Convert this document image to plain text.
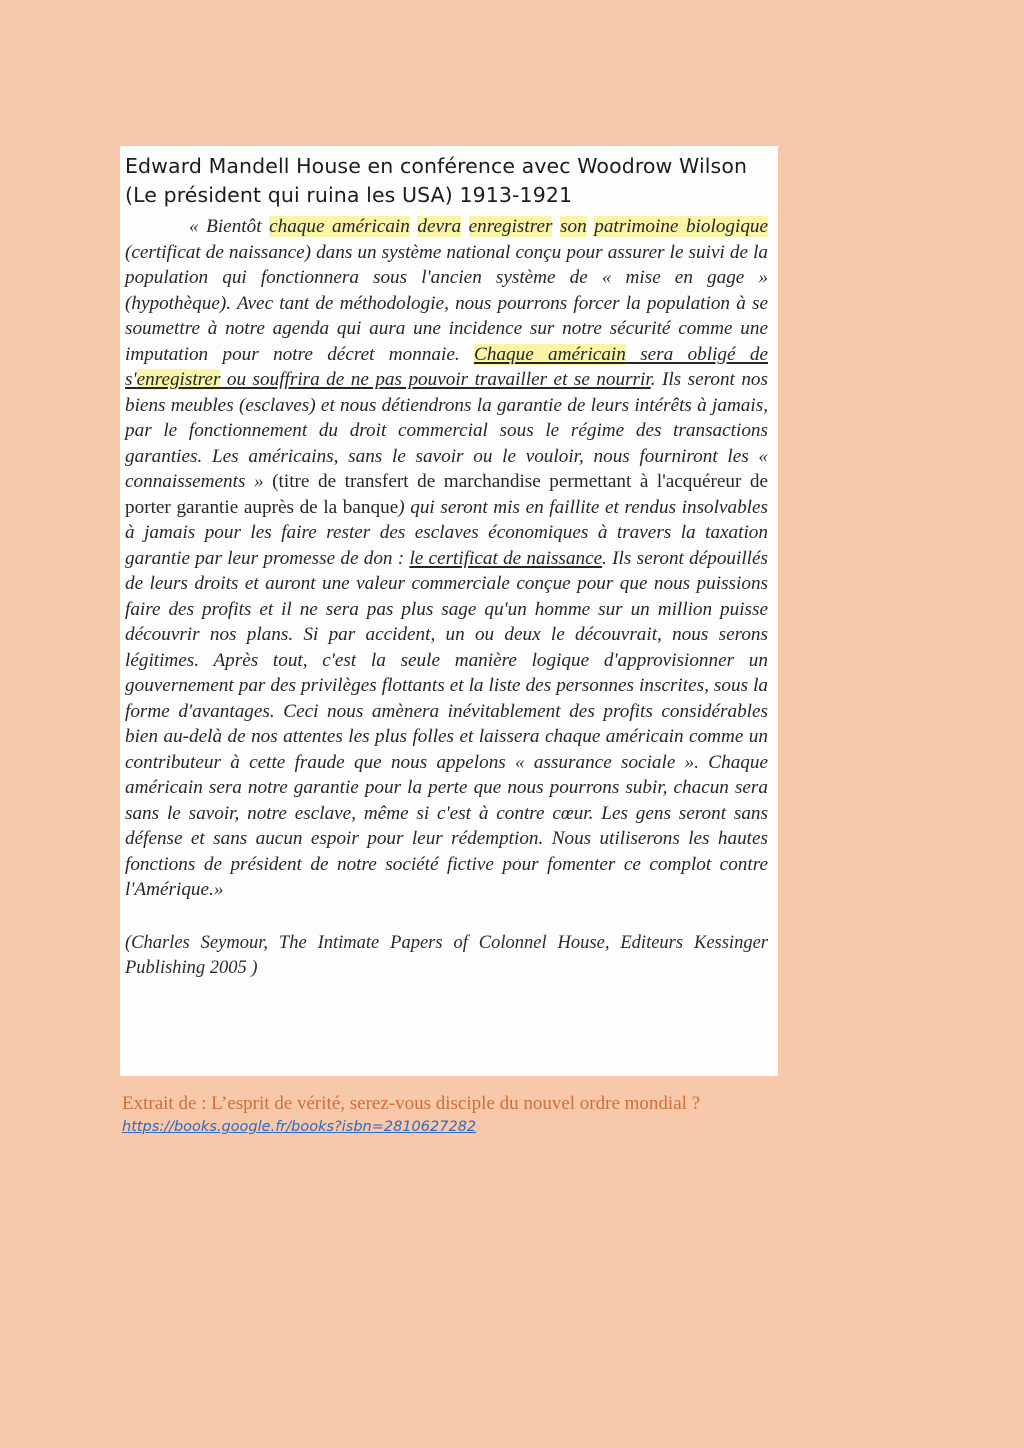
Edward Mandell House en conférence avec Woodrow Wilson
(Le président qui ruina les USA) 1913-1921

« Bientôt chaque américain devra enregistrer son patrimoine biologique (certificat de naissance) dans un système national conçu pour assurer le suivi de la population qui fonctionnera sous l'ancien système de « mise en gage » (hypothèque). Avec tant de méthodologie, nous pourrons forcer la population à se soumettre à notre agenda qui aura une incidence sur notre sécurité comme une imputation pour notre décret monnaie. Chaque américain sera obligé de s'enregistrer ou souffrira de ne pas pouvoir travailler et se nourrir. Ils seront nos biens meubles (esclaves) et nous détiendrons la garantie de leurs intérêts à jamais, par le fonctionnement du droit commercial sous le régime des transactions garanties. Les américains, sans le savoir ou le vouloir, nous fourniront les « connaissements » (titre de transfert de marchandise permettant à l'acquéreur de porter garantie auprès de la banque) qui seront mis en faillite et rendus insolvables à jamais pour les faire rester des esclaves économiques à travers la taxation garantie par leur promesse de don : le certificat de naissance. Ils seront dépouillés de leurs droits et auront une valeur commerciale conçue pour que nous puissions faire des profits et il ne sera pas plus sage qu'un homme sur un million puisse découvrir nos plans. Si par accident, un ou deux le découvrait, nous serons légitimes. Après tout, c'est la seule manière logique d'approvisionner un gouvernement par des privilèges flottants et la liste des personnes inscrites, sous la forme d'avantages. Ceci nous amènera inévitablement des profits considérables bien au-delà de nos attentes les plus folles et laissera chaque américain comme un contributeur à cette fraude que nous appelons « assurance sociale ». Chaque américain sera notre garantie pour la perte que nous pourrons subir, chacun sera sans le savoir, notre esclave, même si c'est à contre cœur. Les gens seront sans défense et sans aucun espoir pour leur rédemption. Nous utiliserons les hautes fonctions de président de notre société fictive pour fomenter ce complot contre l'Amérique.»

(Charles Seymour, The Intimate Papers of Colonnel House, Editeurs Kessinger Publishing 2005 )

Extrait de : L’esprit de vérité, serez-vous disciple du nouvel ordre mondial ?

https://books.google.fr/books?isbn=2810627282
